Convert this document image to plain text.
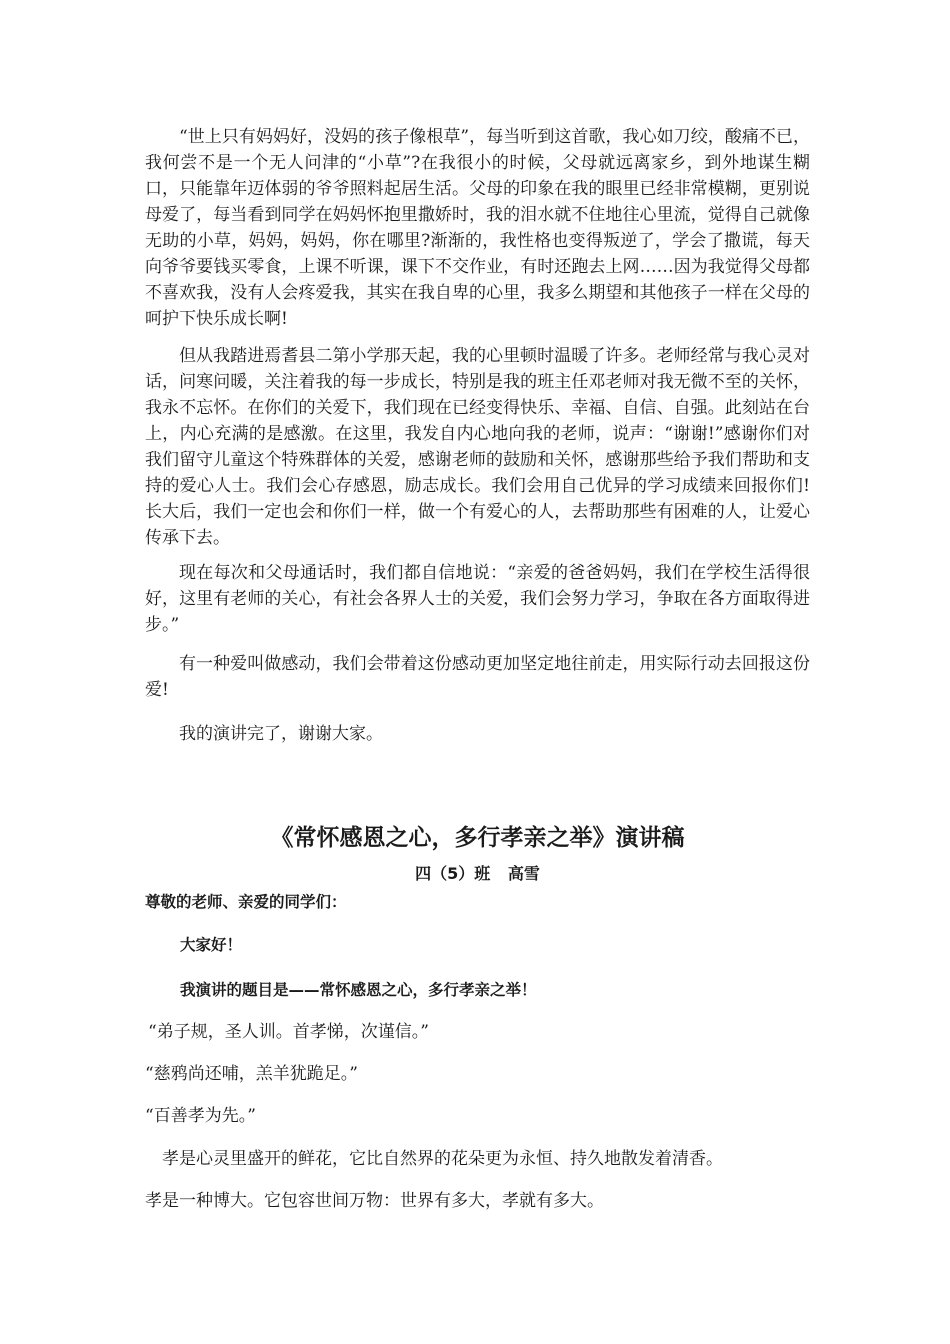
“世上只有妈妈好，没妈的孩子像根草”，每当听到这首歌，我心如刀绞，酸痛不已，我何尝不是一个无人问津的“小草”?在我很小的时候，父母就远离家乡，到外地谋生糊口，只能靠年迈体弱的爷爷照料起居生活。父母的印象在我的眼里已经非常模糊，更别说母爱了，每当看到同学在妈妈怀抱里撒娇时，我的泪水就不住地往心里流，觉得自己就像无助的小草，妈妈，妈妈，你在哪里?渐渐的，我性格也变得叛逆了，学会了撒谎，每天向爷爷要钱买零食，上课不听课，课下不交作业，有时还跑去上网……因为我觉得父母都不喜欢我，没有人会疼爱我，其实在我自卑的心里，我多么期望和其他孩子一样在父母的呵护下快乐成长啊!

但从我踏进焉耆县二第小学那天起，我的心里顿时温暖了许多。老师经常与我心灵对话，问寒问暖，关注着我的每一步成长，特别是我的班主任邓老师对我无微不至的关怀，我永不忘怀。在你们的关爱下，我们现在已经变得快乐、幸福、自信、自强。此刻站在台上，内心充满的是感激。在这里，我发自内心地向我的老师，说声：“谢谢!”感谢你们对我们留守儿童这个特殊群体的关爱，感谢老师的鼓励和关怀，感谢那些给予我们帮助和支持的爱心人士。我们会心存感恩，励志成长。我们会用自己优异的学习成绩来回报你们!长大后，我们一定也会和你们一样，做一个有爱心的人，去帮助那些有困难的人，让爱心传承下去。

现在每次和父母通话时，我们都自信地说：“亲爱的爸爸妈妈，我们在学校生活得很好，这里有老师的关心，有社会各界人士的关爱，我们会努力学习，争取在各方面取得进步。”

有一种爱叫做感动，我们会带着这份感动更加坚定地往前走，用实际行动去回报这份爱!

我的演讲完了，谢谢大家。

《常怀感恩之心，多行孝亲之举》演讲稿

四（5）班 高雪

尊敬的老师、亲爱的同学们：

大家好！

我演讲的题目是——常怀感恩之心，多行孝亲之举！

“弟子规，圣人训。首孝悌，次谨信。”

“慈鸦尚还哺，羔羊犹跪足。”

“百善孝为先。”

孝是心灵里盛开的鲜花，它比自然界的花朵更为永恒、持久地散发着清香。

孝是一种博大。它包容世间万物：世界有多大，孝就有多大。
